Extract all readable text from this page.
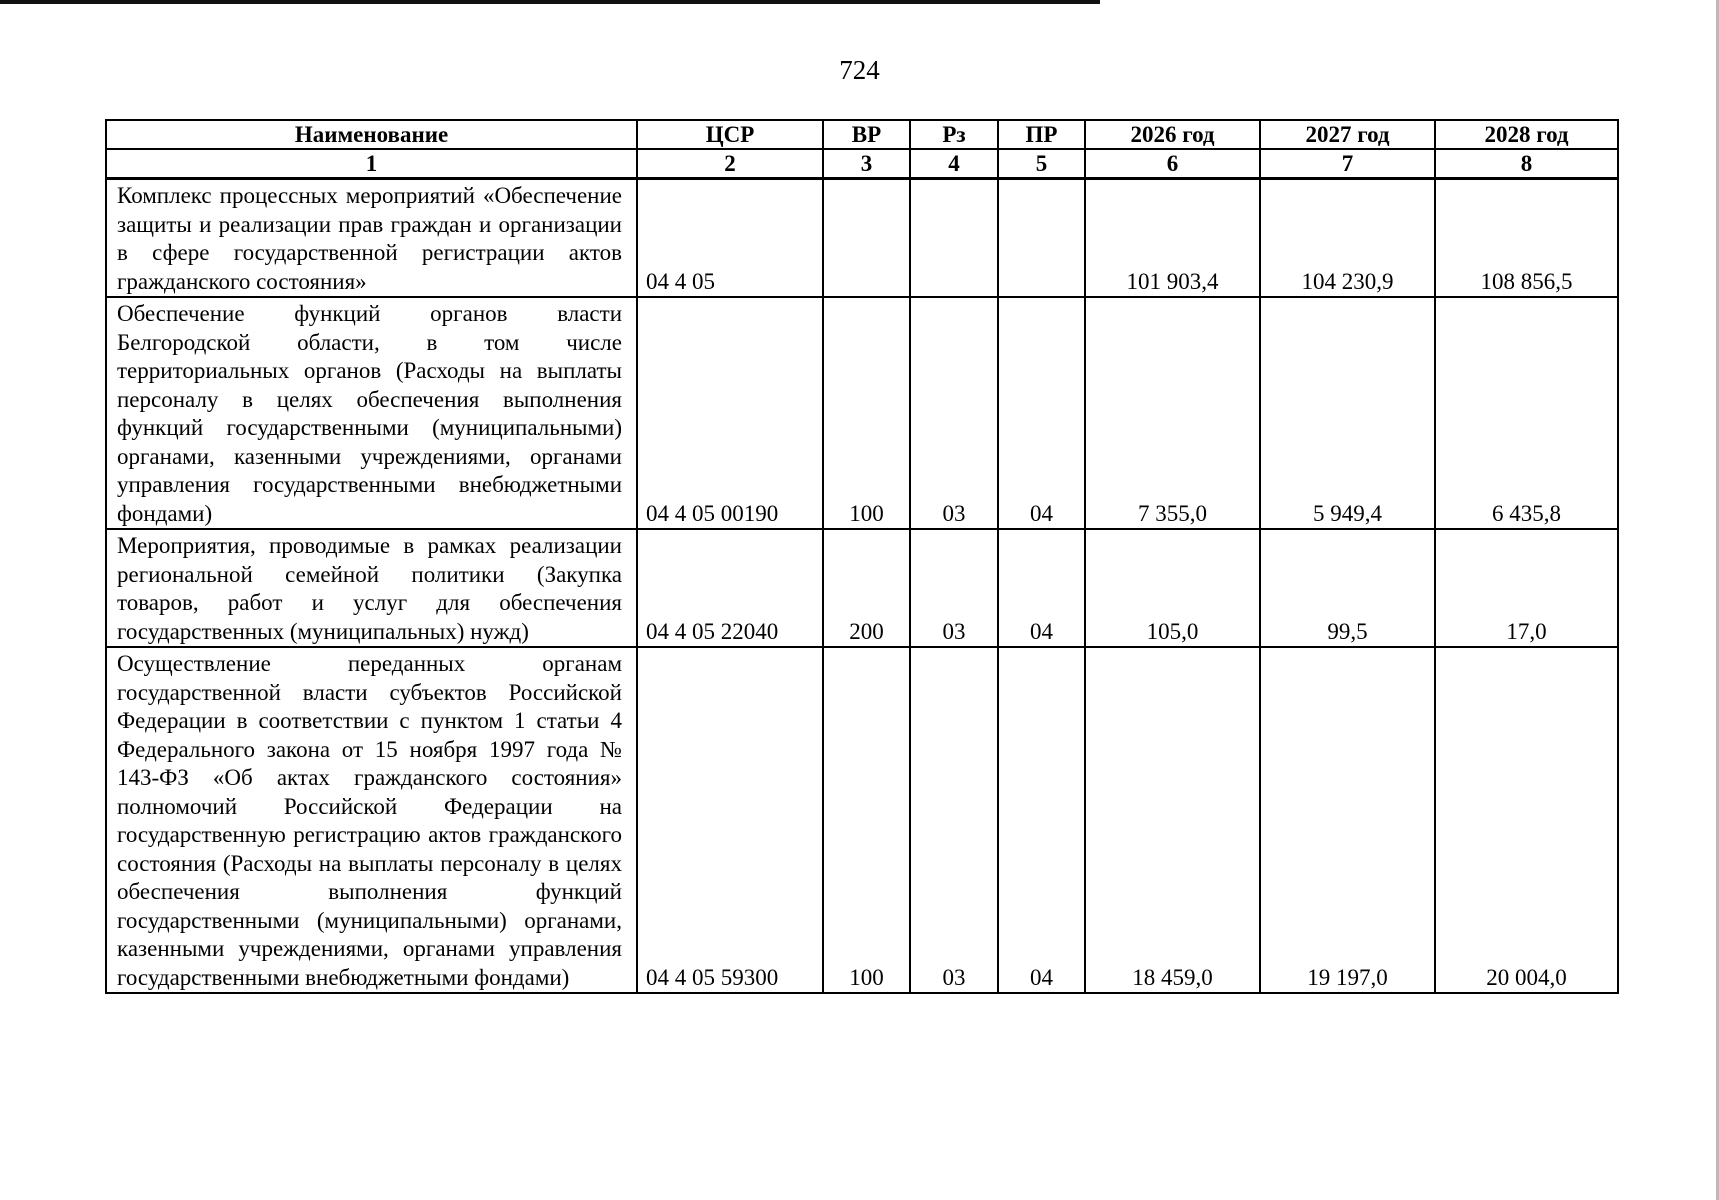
724
Наименование	ЦСР	ВР	Рз	ПР	2026 год	2027 год	2028 год
1	2	3	4	5	6	7	8
Комплекс процессных мероприятий «Обеспечение защиты и реализации прав граждан и организации в сфере государственной регистрации актов гражданского состояния»	04 4 05				101 903,4	104 230,9	108 856,5
Обеспечение функций органов власти Белгородской области, в том числе территориальных органов (Расходы на выплаты персоналу в целях обеспечения выполнения функций государственными (муниципальными) органами, казенными учреждениями, органами управления государственными внебюджетными фондами)	04 4 05 00190	100	03	04	7 355,0	5 949,4	6 435,8
Мероприятия, проводимые в рамках реализации региональной семейной политики (Закупка товаров, работ и услуг для обеспечения государственных (муниципальных) нужд)	04 4 05 22040	200	03	04	105,0	99,5	17,0
Осуществление переданных органам государственной власти субъектов Российской Федерации в соответствии с пунктом 1 статьи 4 Федерального закона от 15 ноября 1997 года № 143-ФЗ «Об актах гражданского состояния» полномочий Российской Федерации на государственную регистрацию актов гражданского состояния (Расходы на выплаты персоналу в целях обеспечения выполнения функций государственными (муниципальными) органами, казенными учреждениями, органами управления государственными внебюджетными фондами)	04 4 05 59300	100	03	04	18 459,0	19 197,0	20 004,0
